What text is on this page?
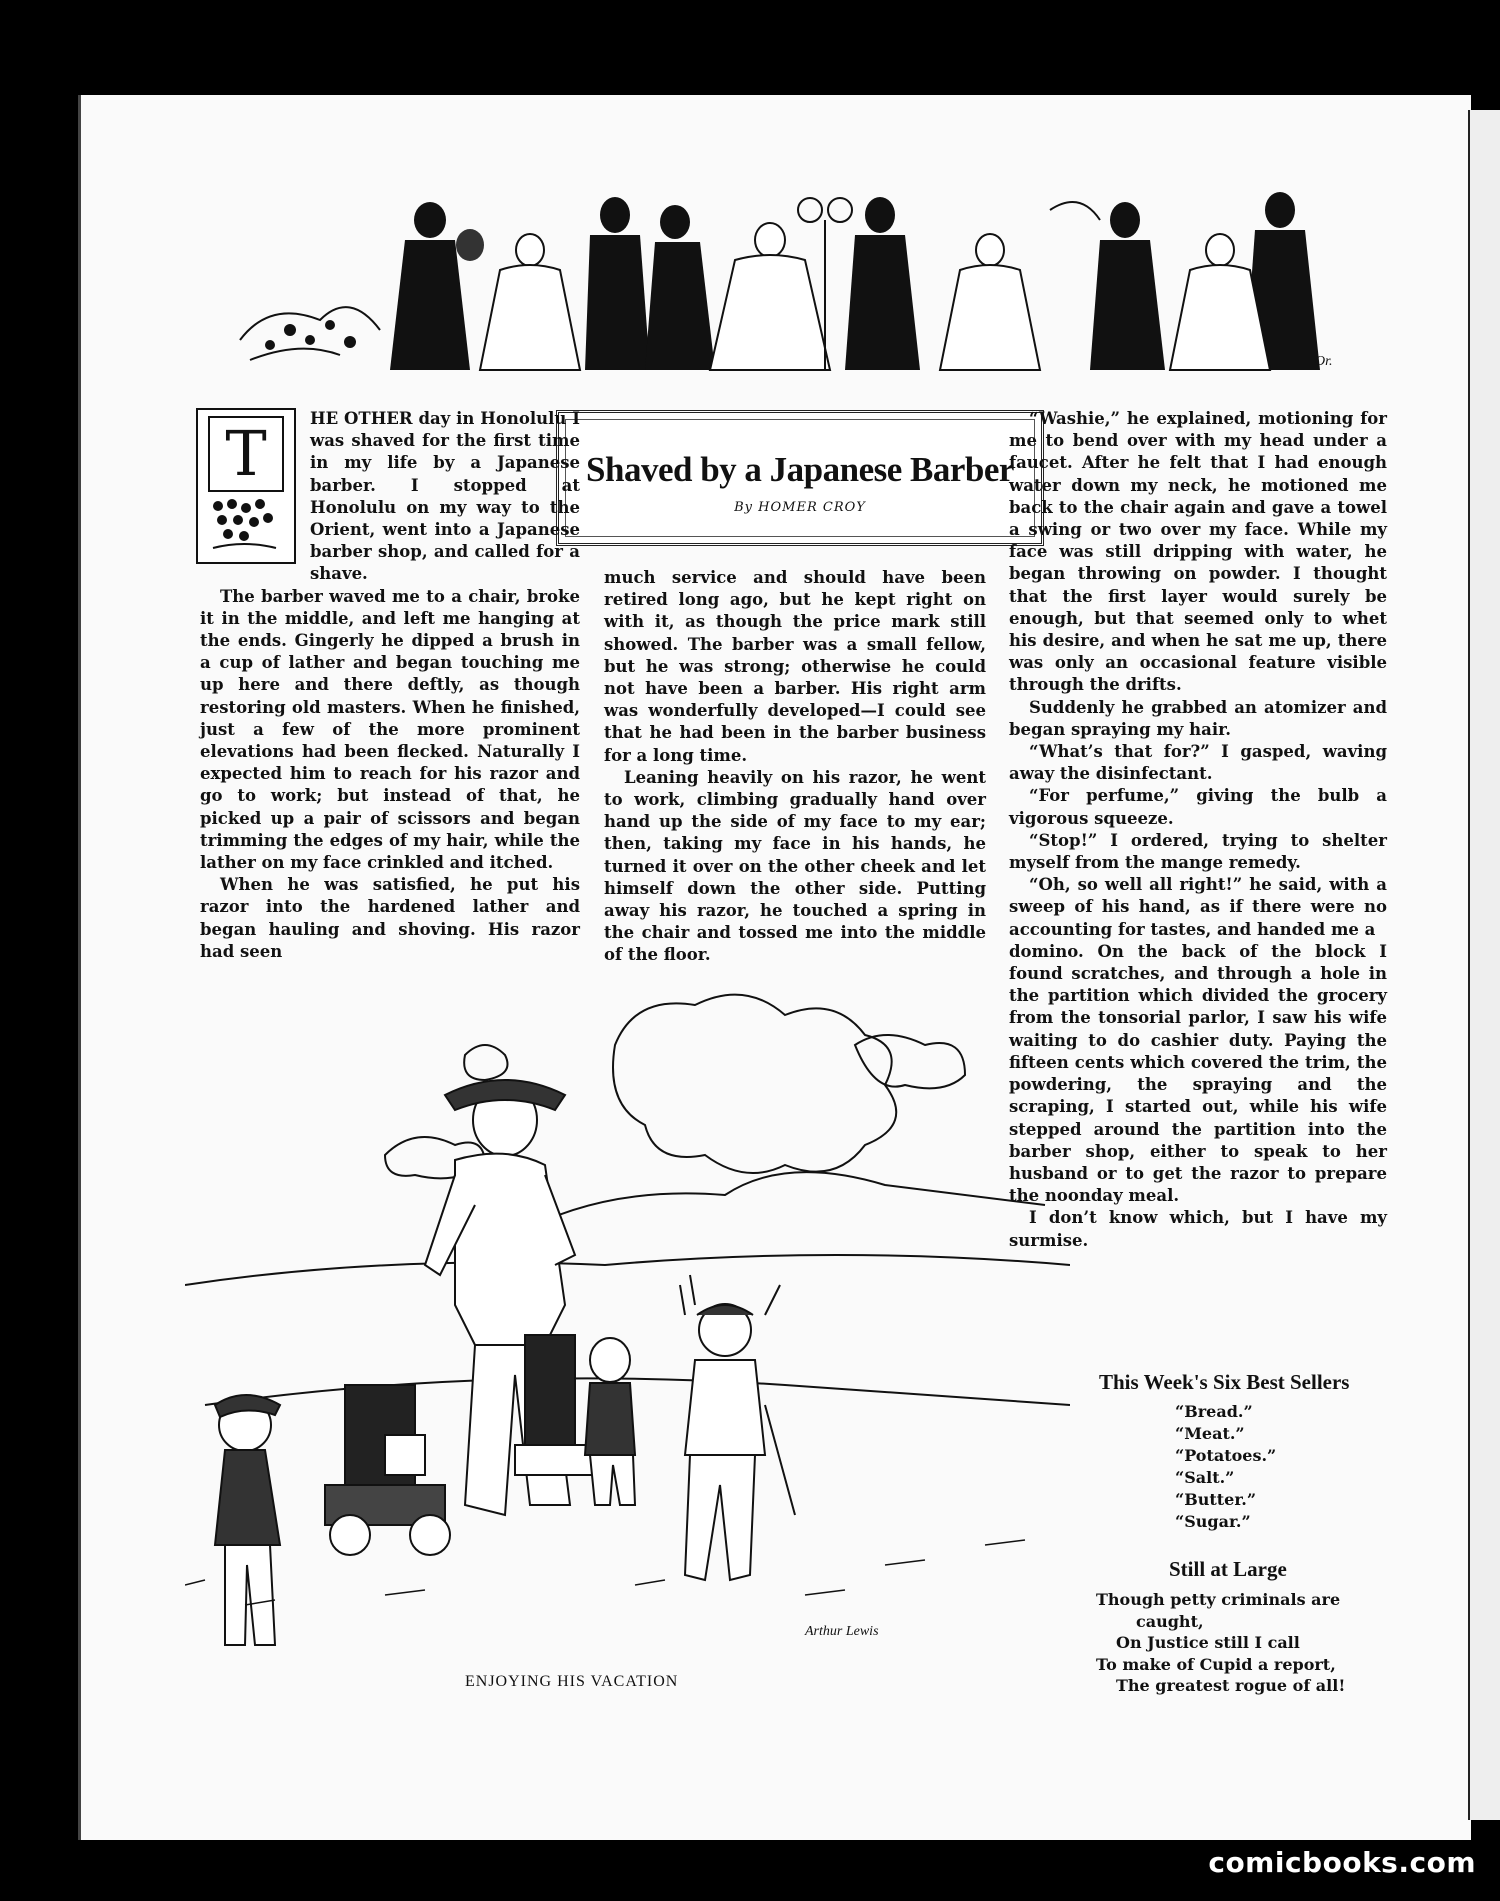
Or.
Shaved by a Japanese Barber
By HOMER CROY
T	HE OTHER day in Honolulu I was shaved for the first time in my life by a Japanese barber. I stopped at Honolulu on my way to the Orient, went into a Japanese barber shop, and called for a shave.

The barber waved me to a chair, broke it in the middle, and left me hanging at the ends. Gingerly he dipped a brush in a cup of lather and began touching me up here and there deftly, as though restoring old masters. When he finished, just a few of the more prominent elevations had been flecked. Naturally I expected him to reach for his razor and go to work; but instead of that, he picked up a pair of scissors and began trimming the edges of my hair, while the lather on my face crinkled and itched.

When he was satisfied, he put his razor into the hardened lather and began hauling and shoving. His razor had seen

much service and should have been retired long ago, but he kept right on with it, as though the price mark still showed. The barber was a small fellow, but he was strong; otherwise he could not have been a barber. His right arm was wonderfully developed—I could see that he had been in the barber business for a long time.

Leaning heavily on his razor, he went to work, climbing gradually hand over hand up the side of my face to my ear; then, taking my face in his hands, he turned it over on the other cheek and let himself down the other side. Putting away his razor, he touched a spring in the chair and tossed me into the middle of the floor.

“Washie,” he explained, motioning for me to bend over with my head under a faucet. After he felt that I had enough water down my neck, he motioned me back to the chair again and gave a towel a swing or two over my face. While my face was still dripping with water, he began throwing on powder. I thought that the first layer would surely be enough, but that seemed only to whet his desire, and when he sat me up, there was only an occasional feature visible through the drifts.

Suddenly he grabbed an atomizer and began spraying my hair.

“What’s that for?” I gasped, waving away the disinfectant.

“For perfume,” giving the bulb a vigorous squeeze.

“Stop!” I ordered, trying to shelter myself from the mange remedy.

“Oh, so well all right!” he said, with a sweep of his hand, as if there were no accounting for tastes, and handed me a

domino. On the back of the block I found scratches, and through a hole in the partition which divided the grocery from the tonsorial parlor, I saw his wife waiting to do cashier duty. Paying the fifteen cents which covered the trim, the powdering, the spraying and the scraping, I started out, while his wife stepped around the partition into the barber shop, either to speak to her husband or to get the razor to prepare the noonday meal.

I don’t know which, but I have my surmise.

Arthur Lewis
ENJOYING HIS VACATION
This Week's Six Best Sellers
“Bread.”
“Meat.”
“Potatoes.”
“Salt.”
“Butter.”
“Sugar.”
Still at Large
Though petty criminals are
caught,
On Justice still I call
To make of Cupid a report,
The greatest rogue of all!
comicbooks.com
